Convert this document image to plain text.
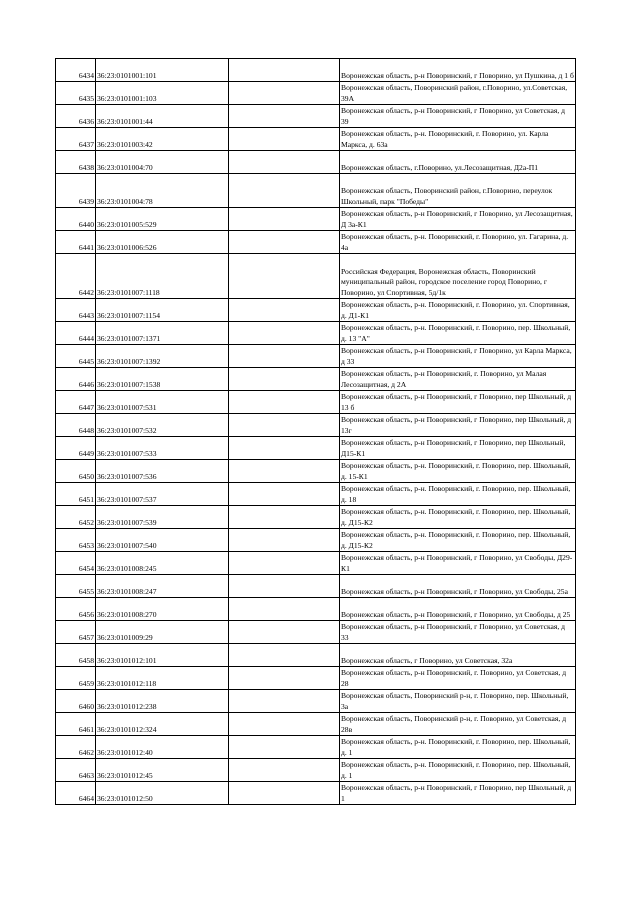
6434	36:23:0101001:101		Воронежская область, р-н Поворинский, г Поворино, ул Пушкина, д 1 б
6435	36:23:0101001:103		Воронежская область, Поворинский район, г.Поворино, ул.Советская, 39А
6436	36:23:0101001:44		Воронежская область, р-н Поворинский, г Поворино, ул Советская, д 39
6437	36:23:0101003:42		Воронежская область, р-н. Поворинский, г. Поворино, ул. Карла Маркса, д. 63а
6438	36:23:0101004:70		Воронежская область, г.Поворино, ул.Лесозащитная, Д2а-П1
6439	36:23:0101004:78		Воронежская область, Поворинский район, г.Поворино, переулок Школьный, парк "Победы"
6440	36:23:0101005:529		Воронежская область, р-н Поворинский, г Поворино, ул Лесозащитная, Д 3а-К1
6441	36:23:0101006:526		Воронежская область, р-н. Поворинский, г. Поворино, ул. Гагарина, д. 4а
6442	36:23:0101007:1118		Российская Федерация, Воронежская область, Поворинский муниципальный район, городское поселение город Поворино, г Поворино, ул Спортивная, 5д/1к
6443	36:23:0101007:1154		Воронежская область, р-н. Поворинский, г. Поворино, ул. Спортивная, д. Д1-К1
6444	36:23:0101007:1371		Воронежская область, р-н. Поворинский, г. Поворино, пер. Школьный, д. 13 "А"
6445	36:23:0101007:1392		Воронежская область, р-н Поворинский, г Поворино, ул Карла Маркса, д 33
6446	36:23:0101007:1538		Воронежская область, р-н Поворинский, г. Поворино, ул Малая Лесозащитная, д 2А
6447	36:23:0101007:531		Воронежская область, р-н Поворинский, г Поворино, пер Школьный, д 13 б
6448	36:23:0101007:532		Воронежская область, р-н Поворинский, г Поворино, пер Школьный, д 13г
6449	36:23:0101007:533		Воронежская область, р-н Поворинский, г Поворино, пер Школьный, Д15-К1
6450	36:23:0101007:536		Воронежская область, р-н. Поворинский, г. Поворино, пер. Школьный, д. 15-К1
6451	36:23:0101007:537		Воронежская область, р-н. Поворинский, г. Поворино, пер. Школьный, д. 18
6452	36:23:0101007:539		Воронежская область, р-н. Поворинский, г. Поворино, пер. Школьный, д. Д15-К2
6453	36:23:0101007:540		Воронежская область, р-н. Поворинский, г. Поворино, пер. Школьный, д. Д15-К2
6454	36:23:0101008:245		Воронежская область, р-н Поворинский, г Поворино, ул Свободы, Д29-К1
6455	36:23:0101008:247		Воронежская область, р-н Поворинский, г Поворино, ул Свободы, 25а
6456	36:23:0101008:270		Воронежская область, р-н Поворинский, г Поворино, ул Свободы, д 25
6457	36:23:0101009:29		Воронежская область, р-н Поворинский, г Поворино, ул Советская, д 33
6458	36:23:0101012:101		Воронежская область, г Поворино, ул Советская, 32а
6459	36:23:0101012:118		Воронежская область, р-н Поворинский, г. Поворино, ул Советская, д 28
6460	36:23:0101012:238		Воронежская область, Поворинский р-н, г. Поворино, пер. Школьный, 3а
6461	36:23:0101012:324		Воронежская область, Поворинский р-н, г. Поворино, ул Советская, д 28в
6462	36:23:0101012:40		Воронежская область, р-н. Поворинский, г. Поворино, пер. Школьный, д. 1
6463	36:23:0101012:45		Воронежская область, р-н. Поворинский, г. Поворино, пер. Школьный, д. 1
6464	36:23:0101012:50		Воронежская область, р-н Поворинский, г Поворино, пер Школьный, д 1
